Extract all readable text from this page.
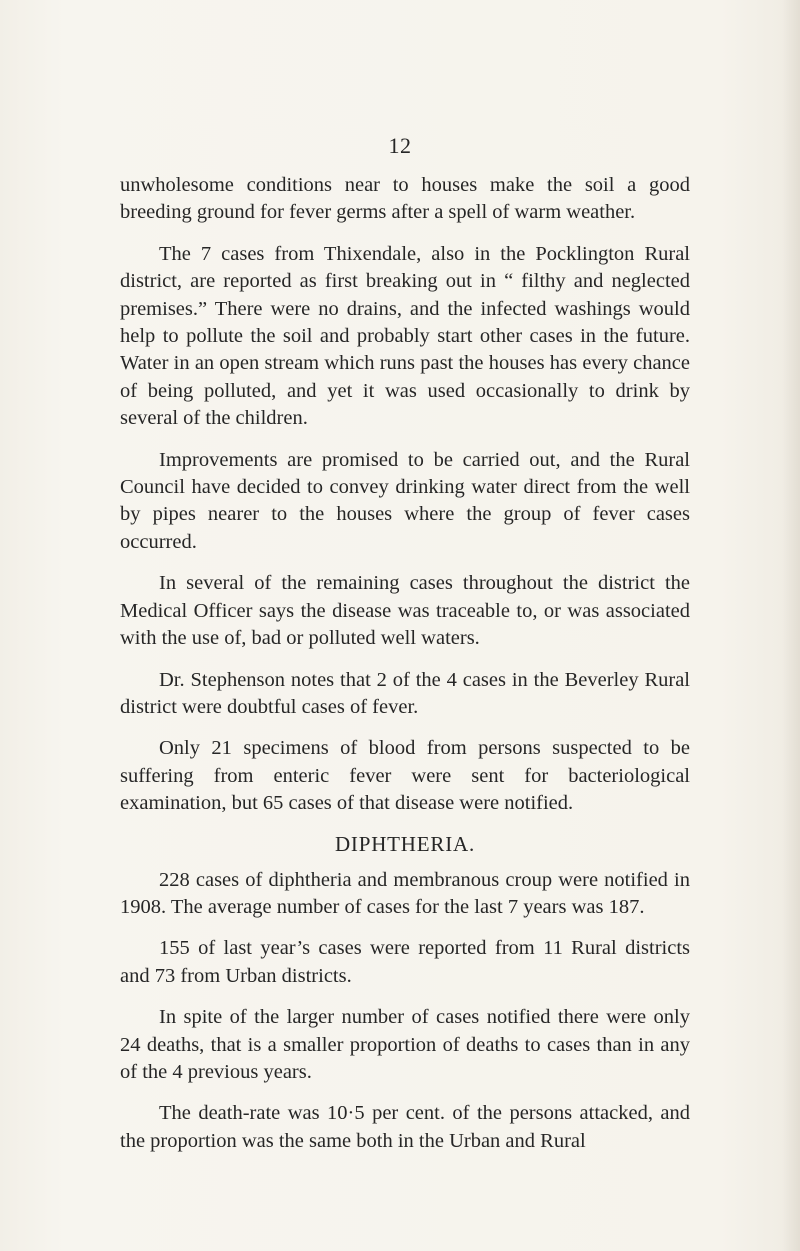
12

unwholesome conditions near to houses make the soil a good breeding ground for fever germs after a spell of warm weather.

The 7 cases from Thixendale, also in the Pocklington Rural district, are reported as first breaking out in “ filthy and neglected premises.” There were no drains, and the infected washings would help to pollute the soil and probably start other cases in the future. Water in an open stream which runs past the houses has every chance of being polluted, and yet it was used occasionally to drink by several of the children.

Improvements are promised to be carried out, and the Rural Council have decided to convey drinking water direct from the well by pipes nearer to the houses where the group of fever cases occurred.

In several of the remaining cases throughout the district the Medical Officer says the disease was traceable to, or was associated with the use of, bad or polluted well waters.

Dr. Stephenson notes that 2 of the 4 cases in the Beverley Rural district were doubtful cases of fever.

Only 21 specimens of blood from persons suspected to be suffering from enteric fever were sent for bacteriological examination, but 65 cases of that disease were notified.

DIPHTHERIA.

228 cases of diphtheria and membranous croup were notified in 1908. The average number of cases for the last 7 years was 187.

155 of last year’s cases were reported from 11 Rural districts and 73 from Urban districts.

In spite of the larger number of cases notified there were only 24 deaths, that is a smaller proportion of deaths to cases than in any of the 4 previous years.

The death-rate was 10·5 per cent. of the persons attacked, and the proportion was the same both in the Urban and Rural
